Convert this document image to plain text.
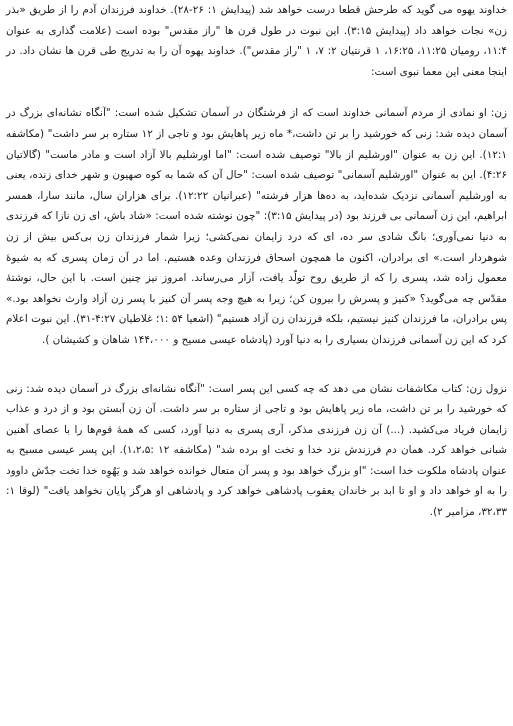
خداوند یهوه می گوید که طرحش قطعا درست خواهد شد (پیدایش ۱: ۲۶-۲۸). خداوند فرزندان آدم را از طریق «بذر زن» نجات خواهد داد (پیدایش ۳:۱۵). این نبوت در طول قرن ها "راز مقدس" بوده است (علامت گذاری به عنوان ۱۱:۴، رومیان ۱۱:۲۵، ۱۶:۲۵، ۱ قرنتیان ۲: ۷، ۱ "راز مقدس"). خداوند یهوه آن را به تدریج طی قرن ها نشان داد. در اینجا معنی این معما نبوی است:

زن: او نمادی از مردم آسمانی خداوند است که از فرشتگان در آسمان تشکیل شده است: "آنگاه نشانه‌ای بزرگ در آسمان دیده شد: زنی که خورشید را بر تن داشت،* ماه زیر پاهایش بود و تاجی از ۱۲ ستاره بر سر داشت" (مکاشفه ۱۲:۱). این زن به عنوان "اورشلیم از بالا" توصیف شده است: "اما اورشلیم بالا آزاد است و مادر ماست" (گالاتیان ۴:۲۶). این به عنوان "اورشلیم آسمانی" توصیف شده است: "حال آن که شما به کوه صهیون و شهر خدای زنده، یعنی به اورشلیم آسمانی نزدیک شده‌اید، به ده‌ها هزار فرشته" (عبرانیان ۱۲:۲۲). برای هزاران سال، مانند سارا، همسر ابراهیم، این زن آسمانی بی فرزند بود (در پیدایش ۳:۱۵): "چون نوشته شده است: «شاد باش، ای زن نازا که فرزندی به دنیا نمی‌آوری؛ بانگ شادی سر ده، ای که درد زایمان نمی‌کشی؛ زیرا شمار فرزندان زن بی‌کس بیش از زن شوهردار است.» ای برادران، اکنون ما همچون اسحاق فرزندان وعده هستیم. اما در آن زمان پسری که به شیوهٔ معمول زاده شد، پسری را که از طریق روح تولّد یافت، آزار می‌رساند. امروز نیز چنین است. با این حال، نوشتهٔ مقدّس چه می‌گوید؟ «کنیز و پسرش را بیرون کن؛ زیرا به هیچ وجه پسر آن کنیز با پسر زن آزاد وارث نخواهد بود.» پس برادران، ما فرزندان کنیز نیستیم، بلکه فرزندان زن آزاد هستیم" (اشعیا ۵۴ :۱؛ غلاطیان ۴:۲۷-۳۱). این نبوت اعلام کرد که این زن آسمانی فرزندان بسیاری را به دنیا آورد (پادشاه عیسی مسیح و ۱۴۴،۰۰۰ شاهان و کشیشان ).

نزول زن: کتاب مکاشفات نشان می دهد که چه کسی این پسر است: "آنگاه نشانه‌ای بزرگ در آسمان دیده شد: زنی که خورشید را بر تن داشت، ماه زیر پاهایش بود و تاجی از ستاره بر سر داشت. آن زن آبستن بود و از درد و عذاب زایمان فریاد می‌کشید. (...) آن زن فرزندی مذکر، آری پسری به دنیا آورد، کسی که همهٔ قوم‌ها را با عصای آهنین شبانی خواهد کرد. همان دم فرزندش نزد خدا و تخت او برده شد" (مکاشفه ۱۲ :۱،۲،۵). این پسر عیسی مسیح به عنوان پادشاه ملکوت خدا است: "او بزرگ خواهد بود و پسر آن متعال خوانده خواهد شد و یَهُوِه خدا تخت جدّش داوود را به او خواهد داد و او تا ابد بر خاندان یعقوب پادشاهی خواهد کرد و پادشاهی او هرگز پایان نخواهد یافت" (لوقا ۱: ۳۲،۳۳، مزامیر ۲).
